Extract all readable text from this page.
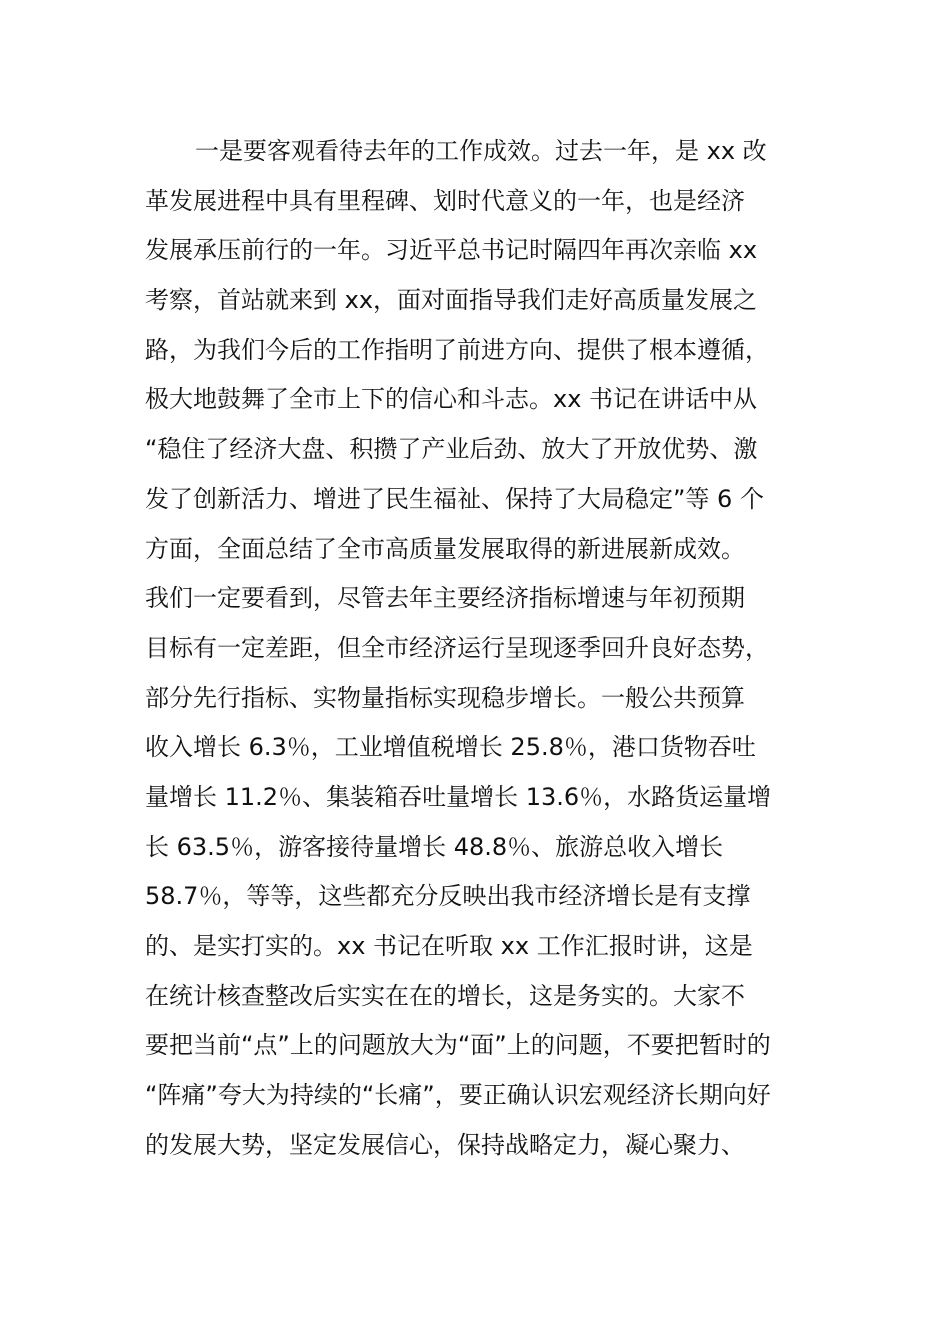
一是要客观看待去年的工作成效。过去一年，是 xx 改
革发展进程中具有里程碑、划时代意义的一年，也是经济
发展承压前行的一年。习近平总书记时隔四年再次亲临 xx
考察，首站就来到 xx，面对面指导我们走好高质量发展之
路，为我们今后的工作指明了前进方向、提供了根本遵循，
极大地鼓舞了全市上下的信心和斗志。xx 书记在讲话中从
“稳住了经济大盘、积攒了产业后劲、放大了开放优势、激
发了创新活力、增进了民生福祉、保持了大局稳定”等 6 个
方面，全面总结了全市高质量发展取得的新进展新成效。
我们一定要看到，尽管去年主要经济指标增速与年初预期
目标有一定差距，但全市经济运行呈现逐季回升良好态势，
部分先行指标、实物量指标实现稳步增长。一般公共预算
收入增长 6.3％，工业增值税增长 25.8％，港口货物吞吐
量增长 11.2％、集装箱吞吐量增长 13.6％，水路货运量增
长 63.5％，游客接待量增长 48.8％、旅游总收入增长
58.7％，等等，这些都充分反映出我市经济增长是有支撑
的、是实打实的。xx 书记在听取 xx 工作汇报时讲，这是
在统计核查整改后实实在在的增长，这是务实的。大家不
要把当前“点”上的问题放大为“面”上的问题，不要把暂时的
“阵痛”夸大为持续的“长痛”，要正确认识宏观经济长期向好
的发展大势，坚定发展信心，保持战略定力，凝心聚力、
